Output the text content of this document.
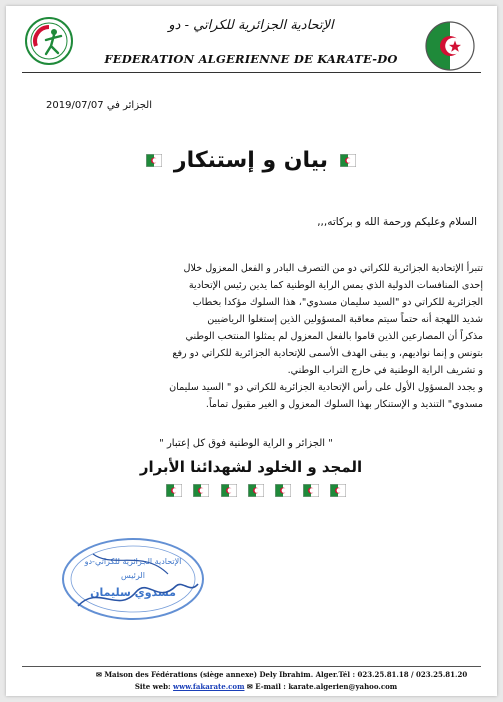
الإتحادية الجزائرية للكراتي - دو
FEDERATION ALGERIENNE DE KARATE-DO
الجزائر في 2019/07/07
بيان و إستنكار
السلام وعليكم ورحمة الله و بركاته,,,
تتبرأ الإتحادية الجزائرية للكراتي دو من التصرف البادر و الفعل المعزول خلال
إحدى المنافسات الدولية الذي يمس الراية الوطنية كما يدين رئيس الإتحادية
الجزائرية للكراتي دو "السيد سليمان مسدوي"، هذا السلوك مؤكدا بخطاب
شديد اللهجة أنه حتماً سيتم معاقبة المسؤولين الذين إستغلوا الرياضيين
مذكراً أن المصارعين الذين قاموا بالفعل المعزول لم يمثلوا المنتخب الوطني
بتونس و إنما نواديهم، و يبقى الهدف الأسمى للإتحادية الجزائرية للكراتي دو رفع
و تشريف الراية الوطنية في خارج التراب الوطني.
و يجدد المسؤول الأول على رأس الإتحادية الجزائرية للكراتي دو " السيد سليمان
مسدوي" التنديد و الإستنكار بهذا السلوك المعزول و الغير مقبول تماماً.
" الجزائر و الراية الوطنية فوق كل إعتبار "
المجد و الخلود لشهدائنا الأبرار
الإتحادية الجزائرية للكراتي-دو
الرئيس
مسدوي سليمان
✉ Maison des Fédérations (siège annexe) Dely Ibrahim. Alger.Tél : 023.25.81.18 / 023.25.81.20
Site web: www.fakarate.com ✉ E-mail : karate.algerien@yahoo.com
